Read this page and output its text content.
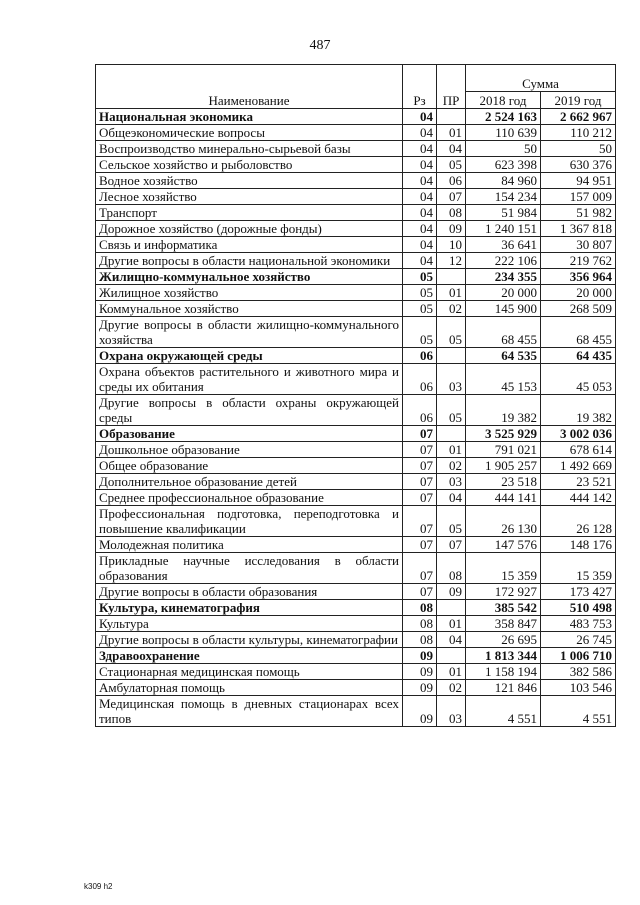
487
Наименование	Рз	ПР	Сумма	
			2018 год	2019 год
Национальная экономика	04		2 524 163	2 662 967
Общеэкономические вопросы	04	01	110 639	110 212
Воспроизводство минерально-сырьевой базы	04	04	50	50
Сельское хозяйство и рыболовство	04	05	623 398	630 376
Водное хозяйство	04	06	84 960	94 951
Лесное хозяйство	04	07	154 234	157 009
Транспорт	04	08	51 984	51 982
Дорожное хозяйство (дорожные фонды)	04	09	1 240 151	1 367 818
Связь и информатика	04	10	36 641	30 807
Другие вопросы в области национальной экономики	04	12	222 106	219 762
Жилищно-коммунальное хозяйство	05		234 355	356 964
Жилищное хозяйство	05	01	20 000	20 000
Коммунальное хозяйство	05	02	145 900	268 509
Другие вопросы в области жилищно-коммунального хозяйства	05	05	68 455	68 455
Охрана окружающей среды	06		64 535	64 435
Охрана объектов растительного и животного мира и среды их обитания	06	03	45 153	45 053
Другие вопросы в области охраны окружающей среды	06	05	19 382	19 382
Образование	07		3 525 929	3 002 036
Дошкольное образование	07	01	791 021	678 614
Общее образование	07	02	1 905 257	1 492 669
Дополнительное образование детей	07	03	23 518	23 521
Среднее профессиональное образование	07	04	444 141	444 142
Профессиональная подготовка, переподготовка и повышение квалификации	07	05	26 130	26 128
Молодежная политика	07	07	147 576	148 176
Прикладные научные исследования в области образования	07	08	15 359	15 359
Другие вопросы в области образования	07	09	172 927	173 427
Культура, кинематография	08		385 542	510 498
Культура	08	01	358 847	483 753
Другие вопросы в области культуры, кинематографии	08	04	26 695	26 745
Здравоохранение	09		1 813 344	1 006 710
Стационарная медицинская помощь	09	01	1 158 194	382 586
Амбулаторная помощь	09	02	121 846	103 546
Медицинская помощь в дневных стационарах всех типов	09	03	4 551	4 551
k309 h2
